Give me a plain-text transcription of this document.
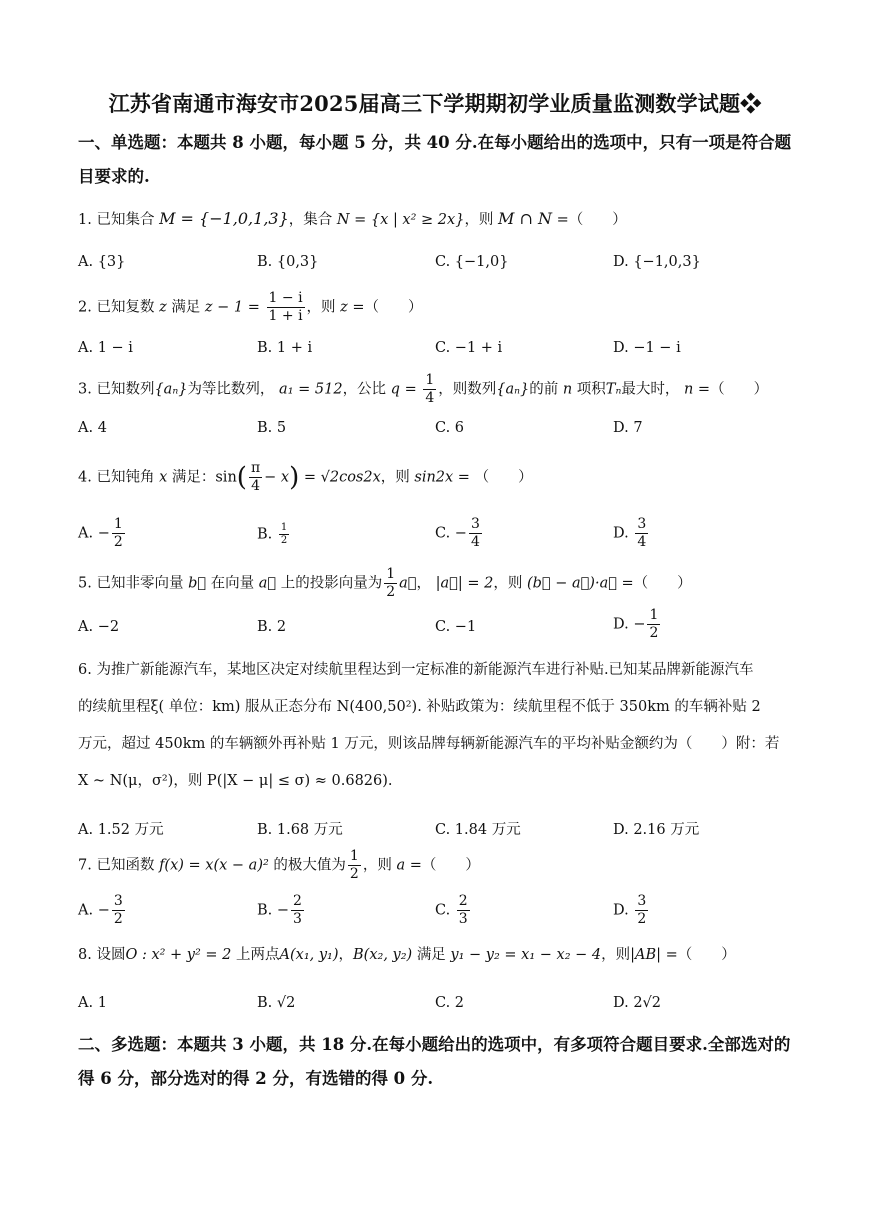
江苏省南通市海安市2025届高三下学期期初学业质量监测数学试题❖
一、单选题：本题共 8 小题，每小题 5 分，共 40 分.在每小题给出的选项中，只有一项是符合题目要求的.
1. 已知集合 M = {−1,0,1,3}，集合 N = {x | x² ≥ 2x}，则 M ∩ N =（　　）
A. {3}	B. {0,3}	C. {−1,0}	D. {−1,0,3}
2. 已知复数 z 满足 $z - 1 = \frac{1 - i}{1 + i}$ ，则 z =（　　）
A. 1 − i	B. 1 + i	C. −1 + i	D. −1 − i
3. 已知数列{aₙ}为等比数列， a₁ = 512，公比 $q = \frac{1}{4}$ ，则数列{aₙ}的前 n 项积Tₙ最大时， n =（　　）
A. 4	B. 5	C. 6	D. 7
4. 已知钝角 x 满足：$\sin( \frac{\pi}{4} - x) = √2\cos 2x$，则 sin2x = （　　）
A. − $\frac{1}{2}$	B. $\frac{1}{2}$	C. − $\frac{3}{4}$	D. $\frac{3}{4}$
5. 已知非零向量 b⃗ 在向量 a⃗ 上的投影向量为 $\frac{1}{2}$ a⃗， |a⃗| = 2，则 (b⃗ − a⃗)·a⃗ =（　　）
A. −2	B. 2	C. −1	D. − $\frac{1}{2}$
6. 为推广新能源汽车，某地区决定对续航里程达到一定标准的新能源汽车进行补贴.已知某品牌新能源汽车
的续航里程ξ( 单位：km) 服从正态分布 N(400,50²). 补贴政策为：续航里程不低于 350km 的车辆补贴 2
万元，超过 450km 的车辆额外再补贴 1 万元，则该品牌每辆新能源汽车的平均补贴金额约为（　　）附：若
X ~ N(μ，σ²)，则 P(|X − μ| ≤ σ) ≈ 0.6826).
A. 1.52 万元	B. 1.68 万元	C. 1.84 万元	D. 2.16 万元
7. 已知函数 f(x) = x(x − a)² 的极大值为 $\frac{1}{2}$ ，则 a =（　　）
A. − $\frac{3}{2}$	B. − $\frac{2}{3}$	C. $\frac{2}{3}$	D. $\frac{3}{2}$
8. 设圆O : x² + y² = 2 上两点A(x₁, y₁)，B(x₂, y₂) 满足 y₁ − y₂ = x₁ − x₂ − 4，则|AB| =（　　）
A. 1	B. √2	C. 2	D. 2√2
二、多选题：本题共 3 小题，共 18 分.在每小题给出的选项中，有多项符合题目要求.全部选对的得 6 分，部分选对的得 2 分，有选错的得 0 分.
